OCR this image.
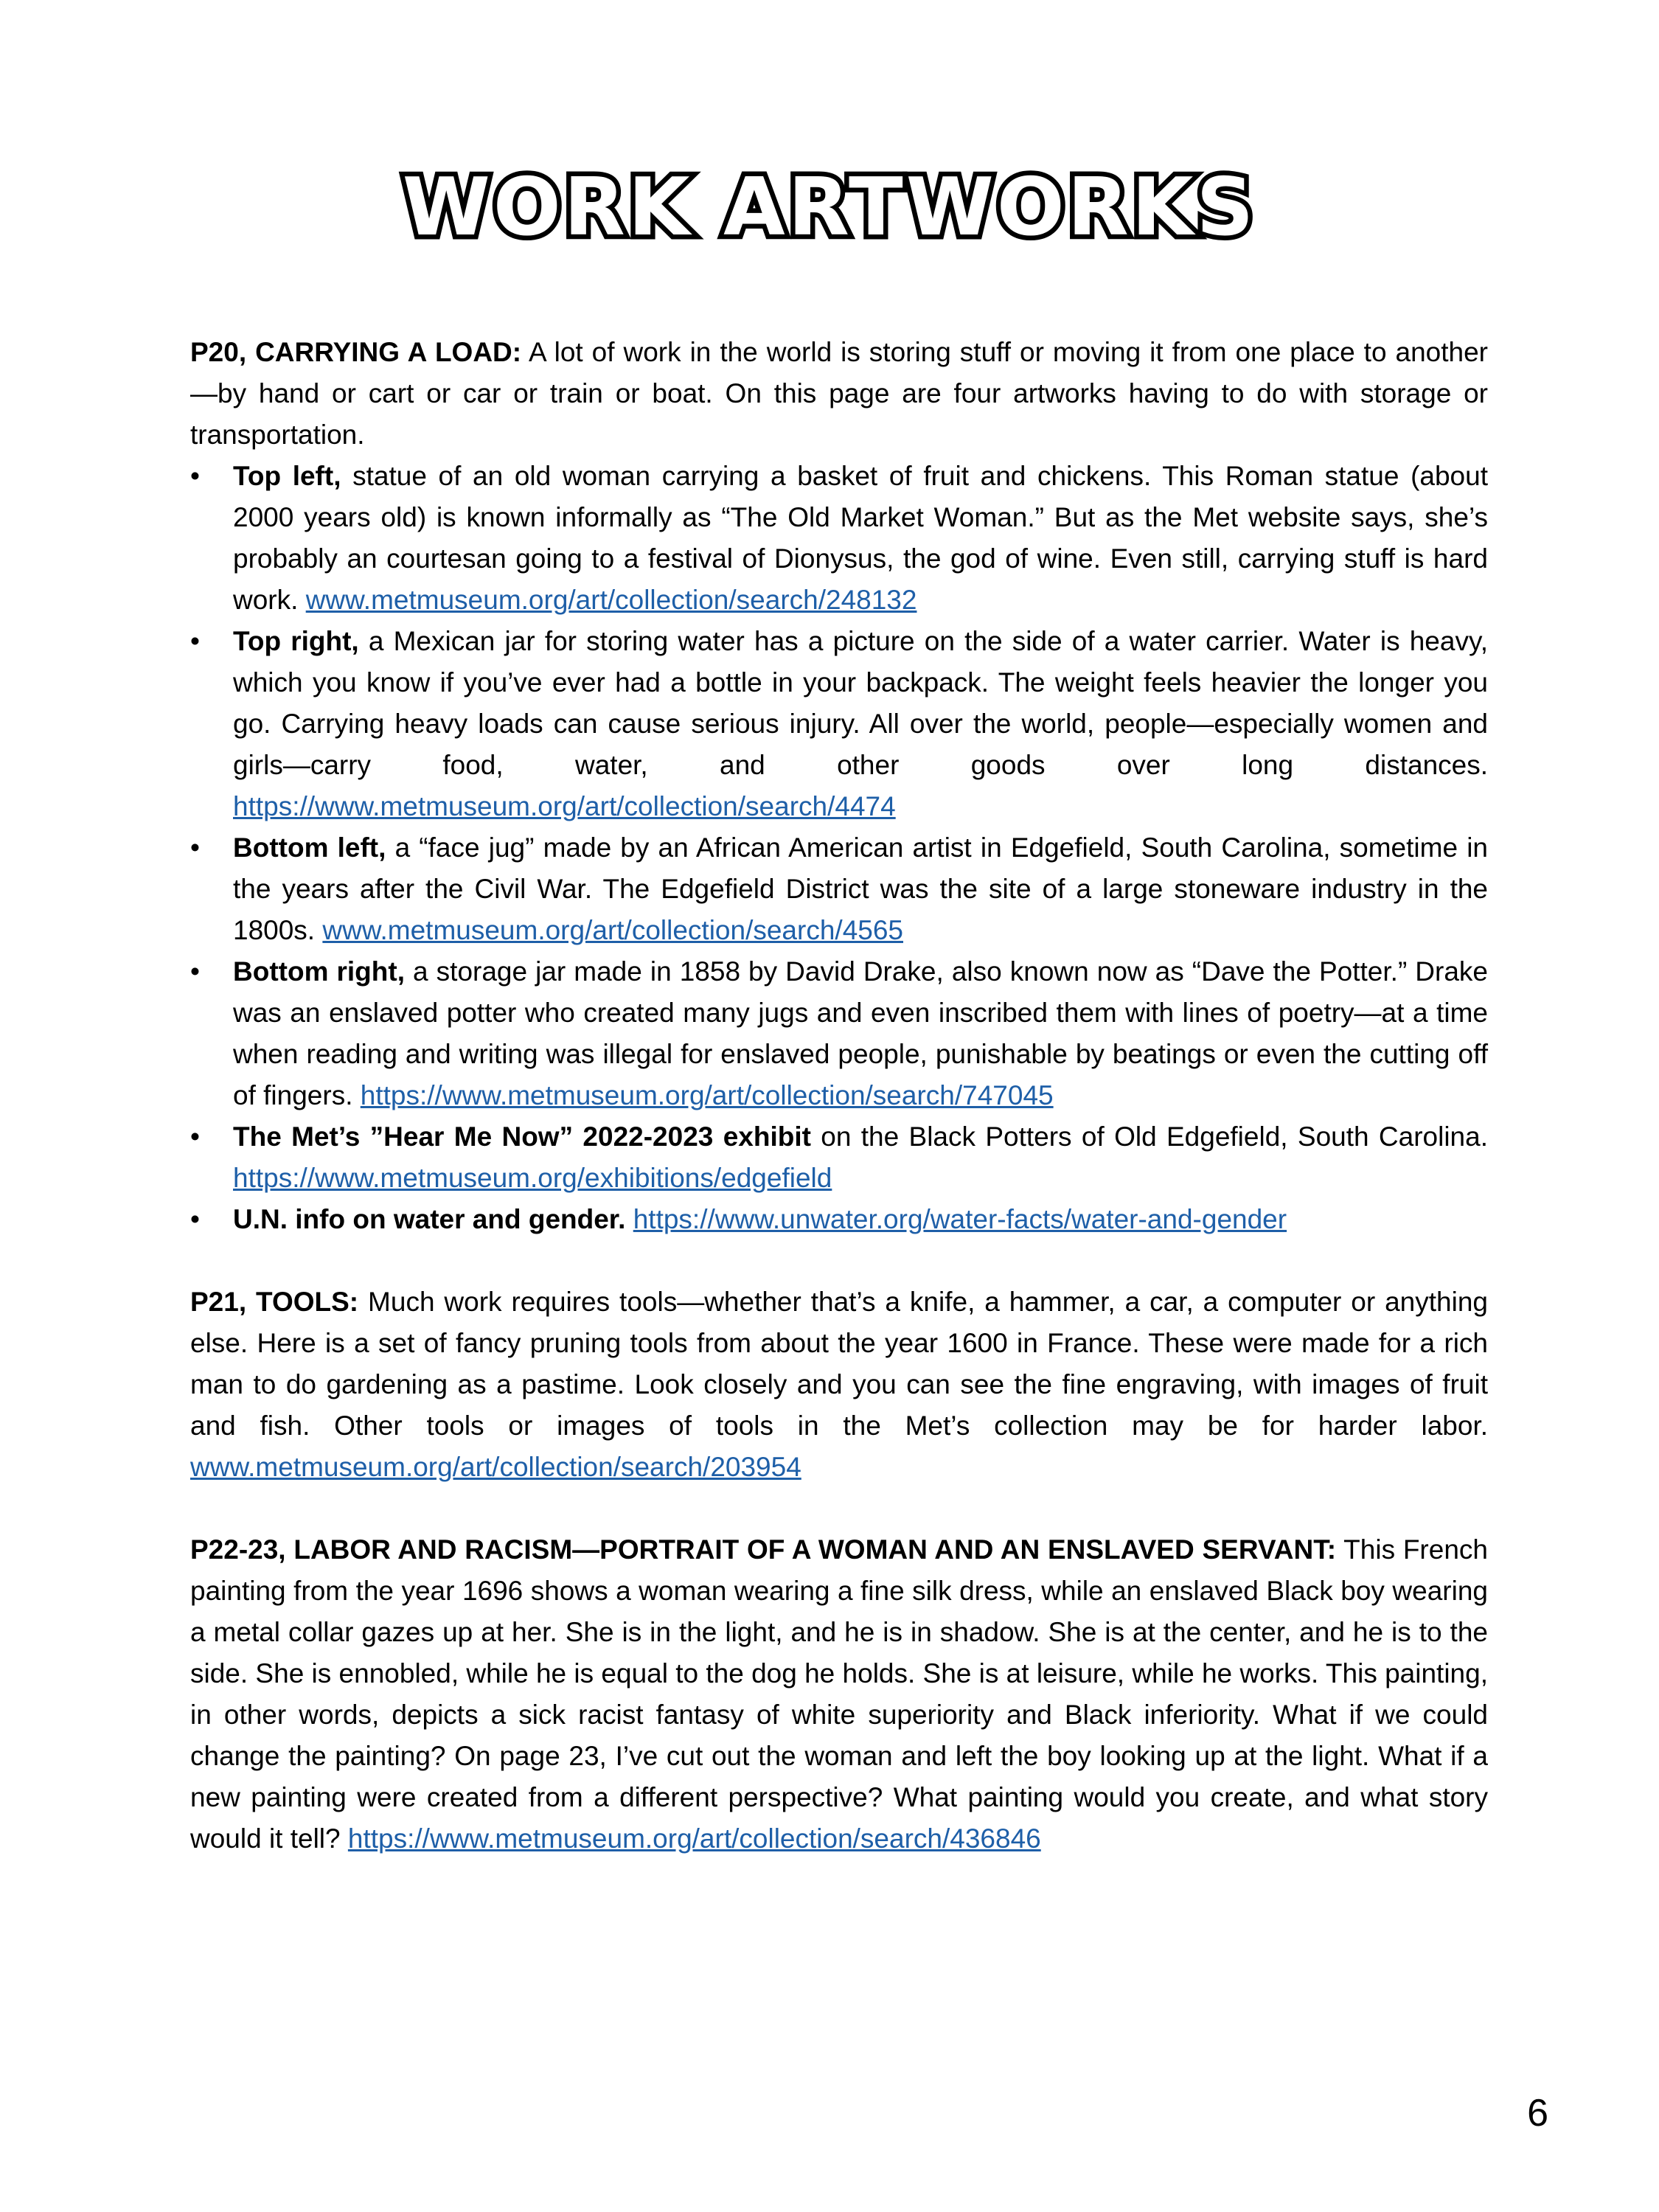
WORK ARTWORKS

P20, CARRYING A LOAD: A lot of work in the world is storing stuff or moving it from one place to another—by hand or cart or car or train or boat. On this page are four artworks having to do with storage or transportation.

• Top left, statue of an old woman carrying a basket of fruit and chickens. This Roman statue (about 2000 years old) is known informally as “The Old Market Woman.” But as the Met website says, she’s probably an courtesan going to a festival of Dionysus, the god of wine. Even still, carrying stuff is hard work. www.metmuseum.org/art/collection/search/248132
• Top right, a Mexican jar for storing water has a picture on the side of a water carrier. Water is heavy, which you know if you’ve ever had a bottle in your backpack. The weight feels heavier the longer you go. Carrying heavy loads can cause serious injury. All over the world, people—especially women and girls—carry food, water, and other goods over long distances. https://www.metmuseum.org/art/collection/search/4474
• Bottom left, a “face jug” made by an African American artist in Edgefield, South Carolina, sometime in the years after the Civil War. The Edgefield District was the site of a large stoneware industry in the 1800s. www.metmuseum.org/art/collection/search/4565
• Bottom right, a storage jar made in 1858 by David Drake, also known now as “Dave the Potter.” Drake was an enslaved potter who created many jugs and even inscribed them with lines of poetry—at a time when reading and writing was illegal for enslaved people, punishable by beatings or even the cutting off of fingers. https://www.metmuseum.org/art/collection/search/747045
• The Met’s ”Hear Me Now” 2022-2023 exhibit on the Black Potters of Old Edgefield, South Carolina. https://www.metmuseum.org/exhibitions/edgefield
• U.N. info on water and gender. https://www.unwater.org/water-facts/water-and-gender

P21, TOOLS: Much work requires tools—whether that’s a knife, a hammer, a car, a computer or anything else. Here is a set of fancy pruning tools from about the year 1600 in France. These were made for a rich man to do gardening as a pastime. Look closely and you can see the fine engraving, with images of fruit and fish. Other tools or images of tools in the Met’s collection may be for harder labor. www.metmuseum.org/art/collection/search/203954

P22-23, LABOR AND RACISM—PORTRAIT OF A WOMAN AND AN ENSLAVED SERVANT: This French painting from the year 1696 shows a woman wearing a fine silk dress, while an enslaved Black boy wearing a metal collar gazes up at her. She is in the light, and he is in shadow. She is at the center, and he is to the side. She is ennobled, while he is equal to the dog he holds. She is at leisure, while he works. This painting, in other words, depicts a sick racist fantasy of white superiority and Black inferiority. What if we could change the painting? On page 23, I’ve cut out the woman and left the boy looking up at the light. What if a new painting were created from a different perspective? What painting would you create, and what story would it tell? https://www.metmuseum.org/art/collection/search/436846

6
